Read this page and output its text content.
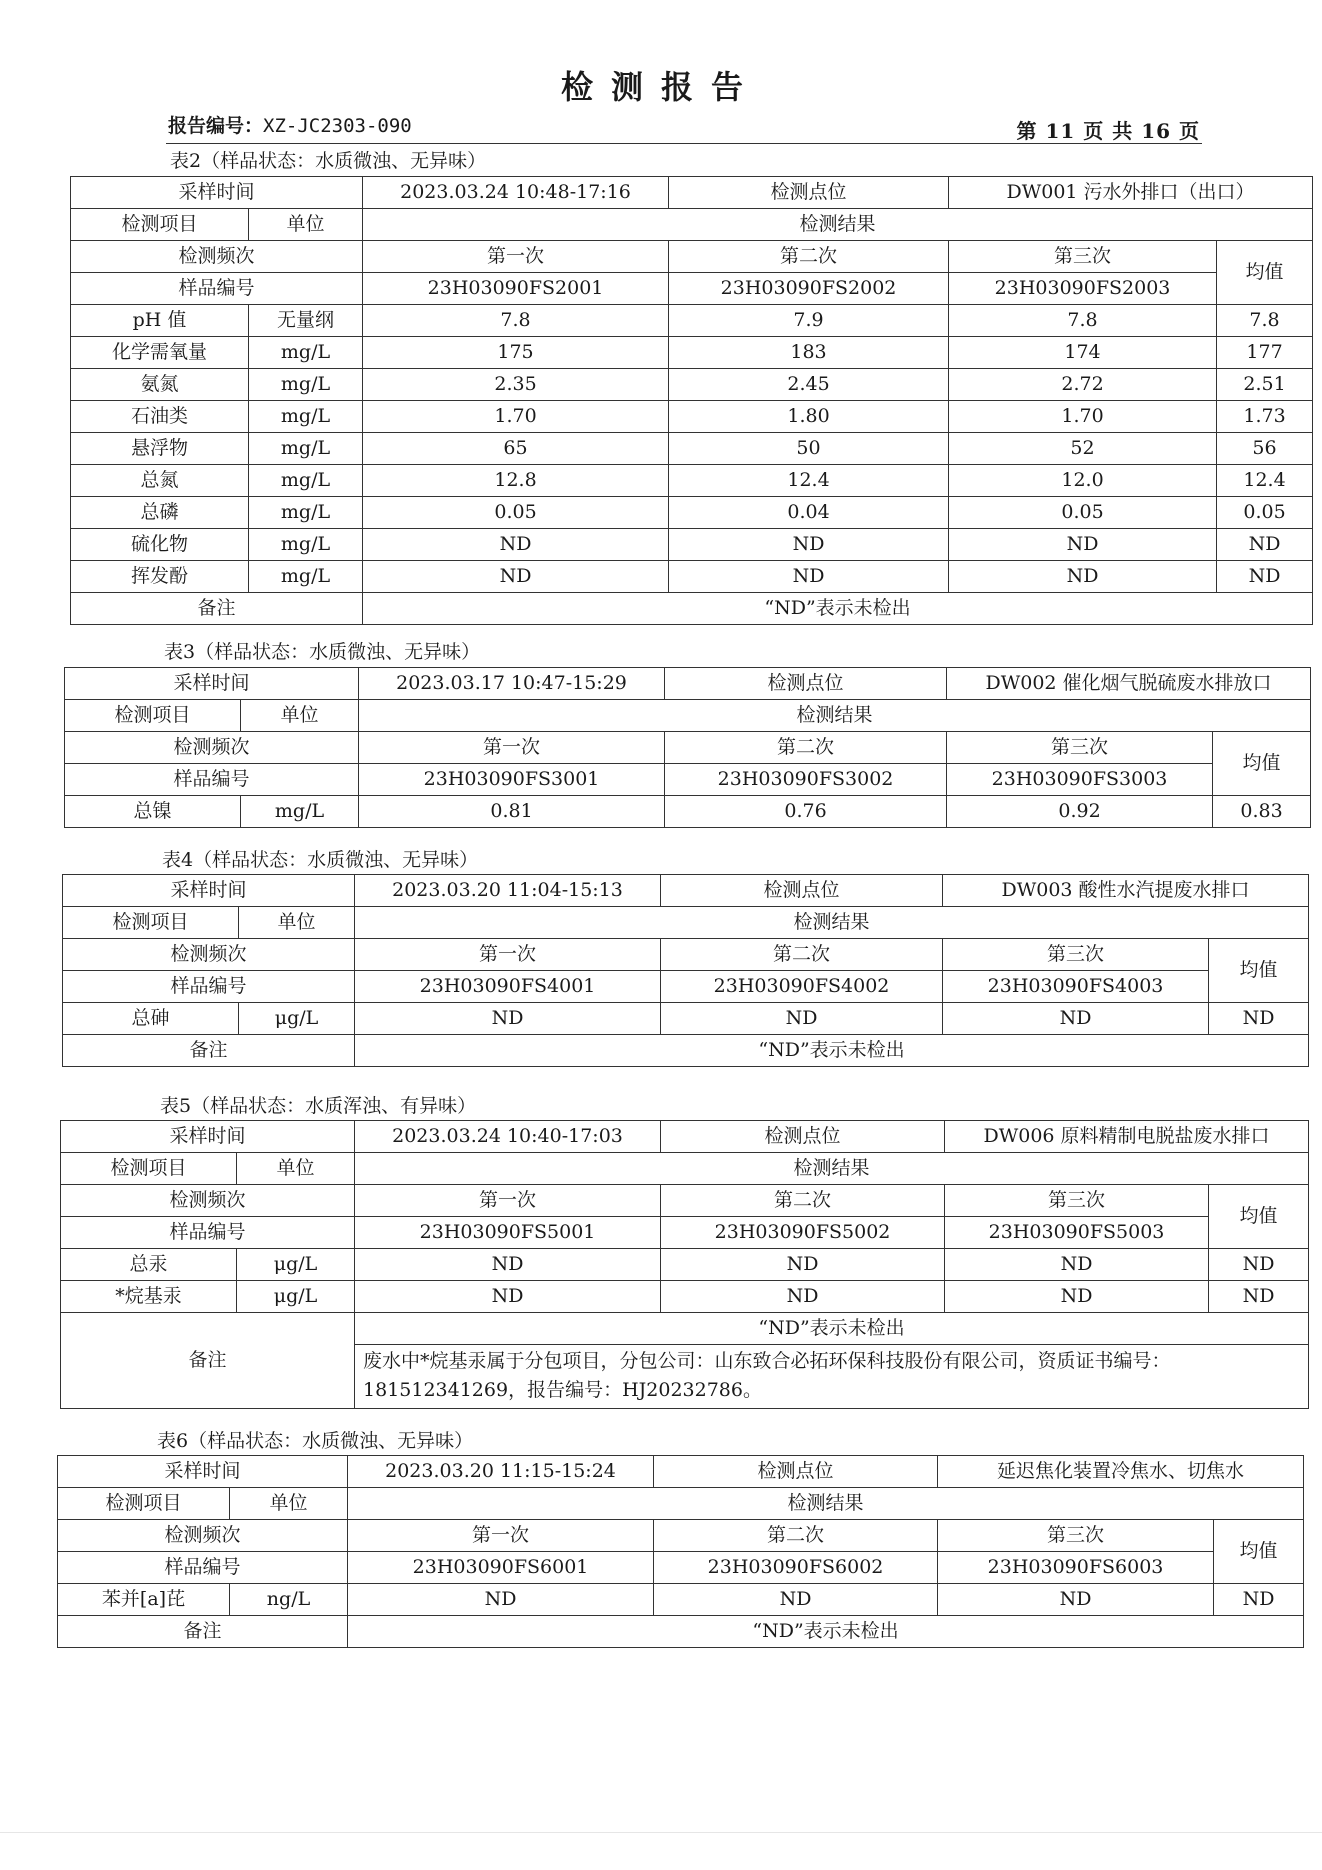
检测报告
报告编号：XZ-JC2303-090	第 11 页 共 16 页
表2（样品状态：水质微浊、无异味）
采样时间		2023.03.24 10:48-17:16	检测点位	DW001 污水外排口（出口）	
检测项目	单位	检测结果			
检测频次		第一次	第二次	第三次	均值
样品编号		23H03090FS2001	23H03090FS2002	23H03090FS2003	
pH 值	无量纲	7.8	7.9	7.8	7.8
化学需氧量	mg/L	175	183	174	177
氨氮	mg/L	2.35	2.45	2.72	2.51
石油类	mg/L	1.70	1.80	1.70	1.73
悬浮物	mg/L	65	50	52	56
总氮	mg/L	12.8	12.4	12.0	12.4
总磷	mg/L	0.05	0.04	0.05	0.05
硫化物	mg/L	ND	ND	ND	ND
挥发酚	mg/L	ND	ND	ND	ND
备注		“ND”表示未检出			
表3（样品状态：水质微浊、无异味）
采样时间		2023.03.17 10:47-15:29	检测点位	DW002 催化烟气脱硫废水排放口	
检测项目	单位	检测结果			
检测频次		第一次	第二次	第三次	均值
样品编号		23H03090FS3001	23H03090FS3002	23H03090FS3003	
总镍	mg/L	0.81	0.76	0.92	0.83
表4（样品状态：水质微浊、无异味）
采样时间		2023.03.20 11:04-15:13	检测点位	DW003 酸性水汽提废水排口	
检测项目	单位	检测结果			
检测频次		第一次	第二次	第三次	均值
样品编号		23H03090FS4001	23H03090FS4002	23H03090FS4003	
总砷	μg/L	ND	ND	ND	ND
备注		“ND”表示未检出			
表5（样品状态：水质浑浊、有异味）
采样时间		2023.03.24 10:40-17:03	检测点位	DW006 原料精制电脱盐废水排口	
检测项目	单位	检测结果			
检测频次		第一次	第二次	第三次	均值
样品编号		23H03090FS5001	23H03090FS5002	23H03090FS5003	
总汞	μg/L	ND	ND	ND	ND
*烷基汞	μg/L	ND	ND	ND	ND
备注		“ND”表示未检出			
		废水中*烷基汞属于分包项目，分包公司：山东致合必拓环保科技股份有限公司，资质证书编号：181512341269，报告编号：HJ20232786。			
表6（样品状态：水质微浊、无异味）
采样时间		2023.03.20 11:15-15:24	检测点位	延迟焦化装置冷焦水、切焦水	
检测项目	单位	检测结果			
检测频次		第一次	第二次	第三次	均值
样品编号		23H03090FS6001	23H03090FS6002	23H03090FS6003	
苯并[a]芘	ng/L	ND	ND	ND	ND
备注		“ND”表示未检出			
